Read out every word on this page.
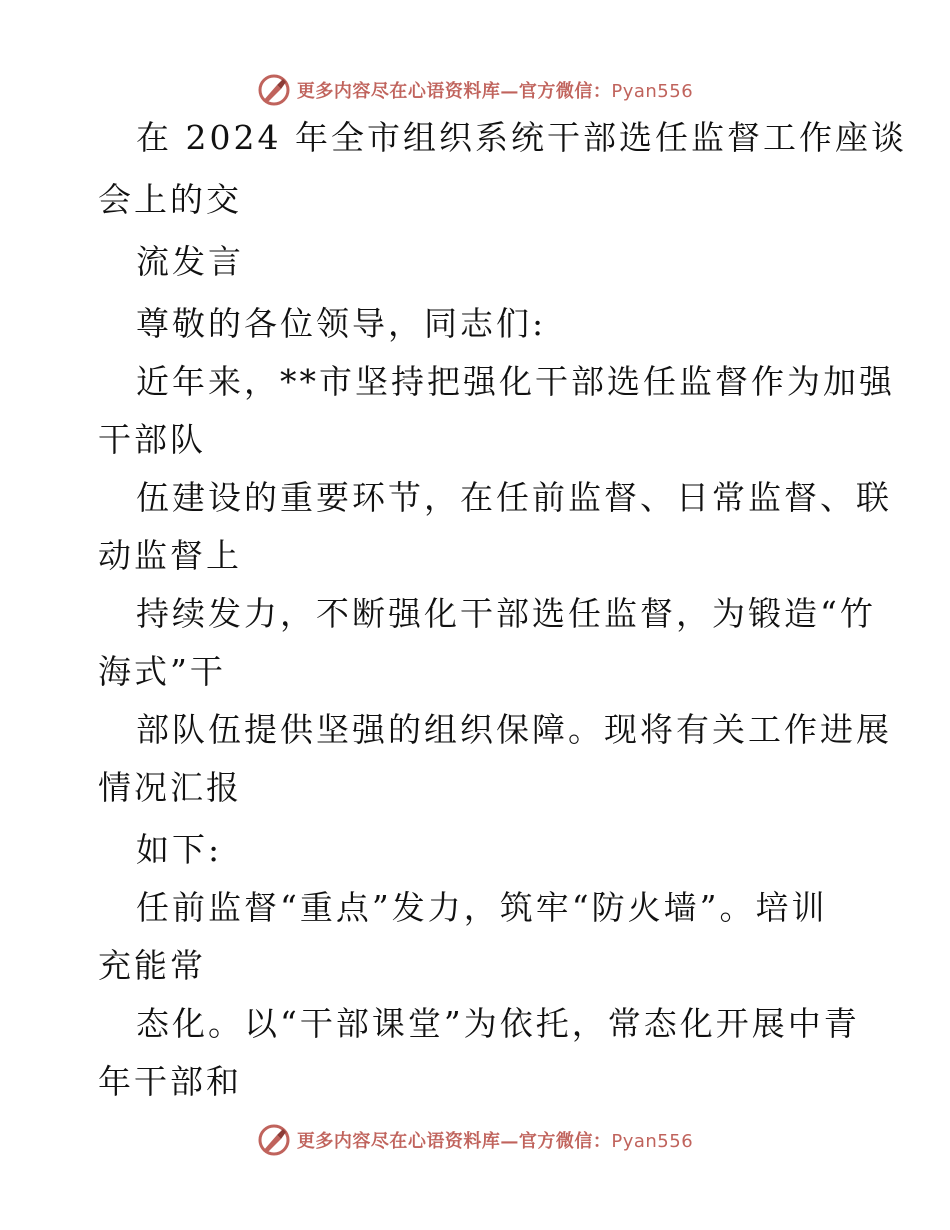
更多内容尽在心语资料库—官方微信：Pyan556
在 2024 年全市组织系统干部选任监督工作座谈
会上的交
流发言
尊敬的各位领导，同志们:
近年来，**市坚持把强化干部选任监督作为加强
干部队
伍建设的重要环节，在任前监督、日常监督、联
动监督上
持续发力，不断强化干部选任监督，为锻造“竹
海式”干
部队伍提供坚强的组织保障。现将有关工作进展
情况汇报
如下:
任前监督“重点”发力，筑牢“防火墙”。培训
充能常
态化。以“干部课堂”为依托，常态化开展中青
年干部和
更多内容尽在心语资料库—官方微信：Pyan556
